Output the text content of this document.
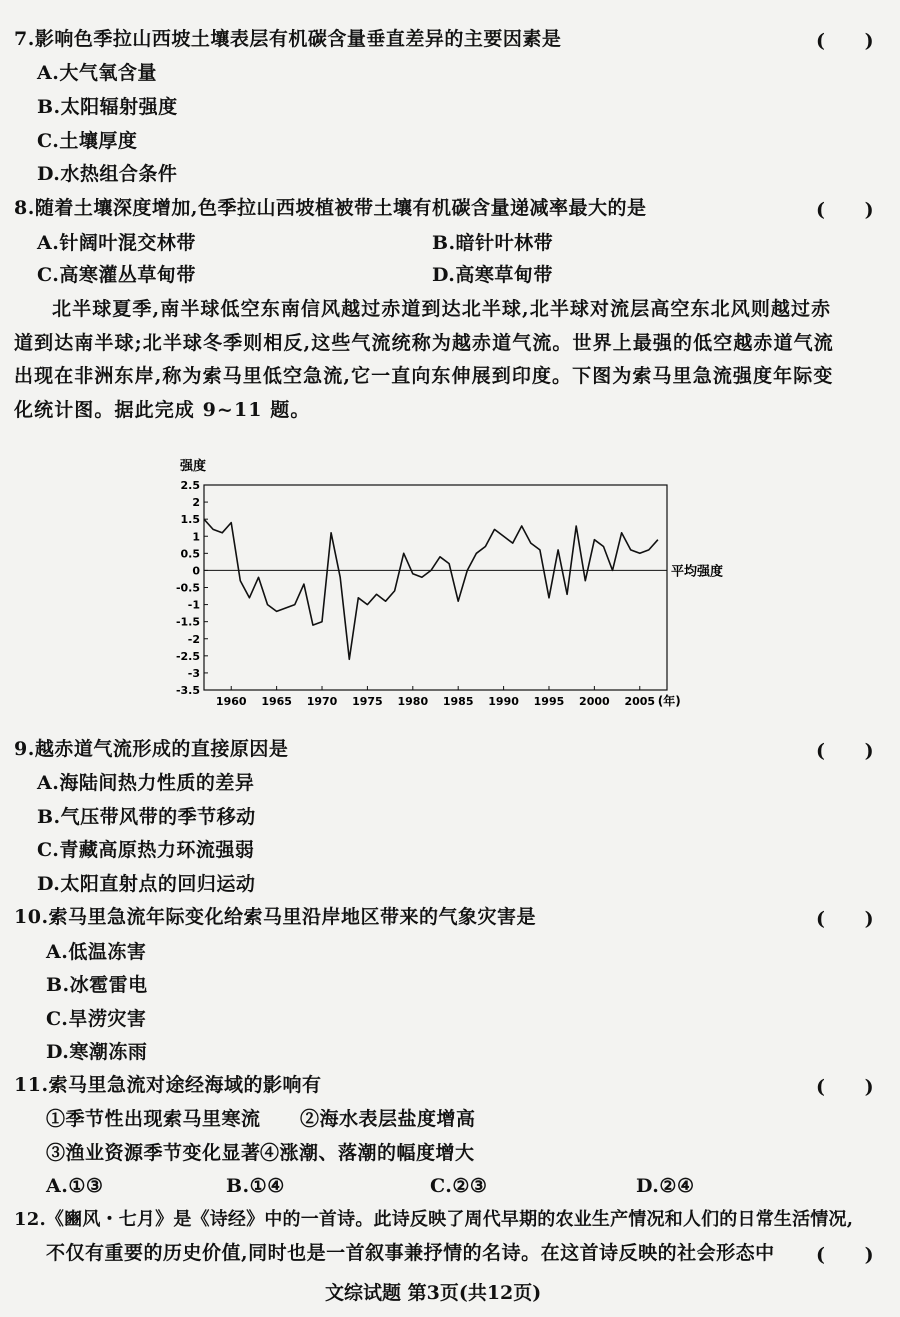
7.影响色季拉山西坡土壤表层有机碳含量垂直差异的主要因素是	(      )
A.大气氧含量
B.太阳辐射强度
C.土壤厚度
D.水热组合条件
8.随着土壤深度增加,色季拉山西坡植被带土壤有机碳含量递减率最大的是	(      )
A.针阔叶混交林带	B.暗针叶林带
C.高寒灌丛草甸带	D.高寒草甸带
北半球夏季,南半球低空东南信风越过赤道到达北半球,北半球对流层高空东北风则越过赤
道到达南半球;北半球冬季则相反,这些气流统称为越赤道气流。世界上最强的低空越赤道气流
出现在非洲东岸,称为索马里低空急流,它一直向东伸展到印度。下图为索马里急流强度年际变
化统计图。据此完成 9~11 题。
强度
2.5
2
1.5
1
0.5
0
-0.5
-1
-1.5
-2
-2.5
-3
-3.5
1960 1965 1970 1975 1980 1985 1990 1995 2000 2005 (年)
平均强度
9.越赤道气流形成的直接原因是	(      )
A.海陆间热力性质的差异
B.气压带风带的季节移动
C.青藏高原热力环流强弱
D.太阳直射点的回归运动
10.索马里急流年际变化给索马里沿岸地区带来的气象灾害是	(      )
A.低温冻害
B.冰雹雷电
C.旱涝灾害
D.寒潮冻雨
11.索马里急流对途经海域的影响有	(      )
①季节性出现索马里寒流 ②海水表层盐度增高
③渔业资源季节变化显著 ④涨潮、落潮的幅度增大
A.①③	B.①④	C.②③	D.②④
12.《豳风・七月》是《诗经》中的一首诗。此诗反映了周代早期的农业生产情况和人们的日常生活情况,
不仅有重要的历史价值,同时也是一首叙事兼抒情的名诗。在这首诗反映的社会形态中 (      )
文综试题 第3页(共12页)
